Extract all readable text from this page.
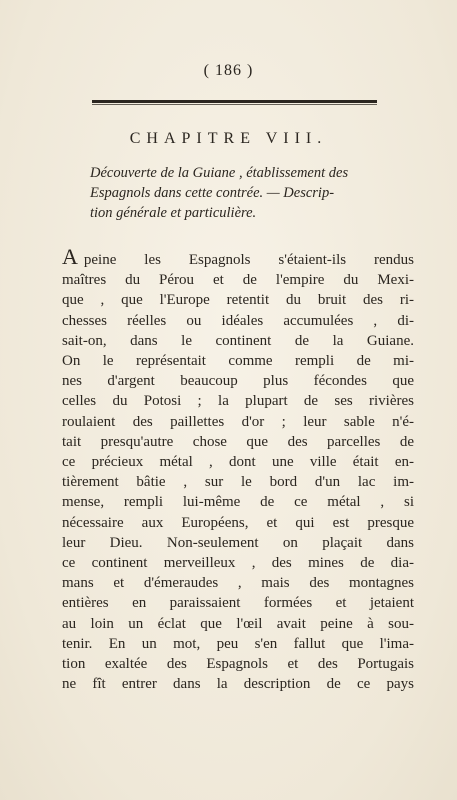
( 186 )
CHAPITRE VIII.
Découverte de la Guiane , établissement des
Espagnols dans cette contrée. — Descrip-
tion générale et particulière.
A peine les Espagnols s'étaient-ils rendus
maîtres du Pérou et de l'empire du Mexi-
que , que l'Europe retentit du bruit des ri-
chesses réelles ou idéales accumulées , di-
sait-on, dans le continent de la Guiane.
On le représentait comme rempli de mi-
nes d'argent beaucoup plus fécondes que
celles du Potosi ; la plupart de ses rivières
roulaient des paillettes d'or ; leur sable n'é-
tait presqu'autre chose que des parcelles de
ce précieux métal , dont une ville était en-
tièrement bâtie , sur le bord d'un lac im-
mense, rempli lui-même de ce métal , si
nécessaire aux Européens, et qui est presque
leur Dieu. Non-seulement on plaçait dans
ce continent merveilleux , des mines de dia-
mans et d'émeraudes , mais des montagnes
entières en paraissaient formées et jetaient
au loin un éclat que l'œil avait peine à sou-
tenir. En un mot, peu s'en fallut que l'ima-
tion exaltée des Espagnols et des Portugais
ne fît entrer dans la description de ce pays
